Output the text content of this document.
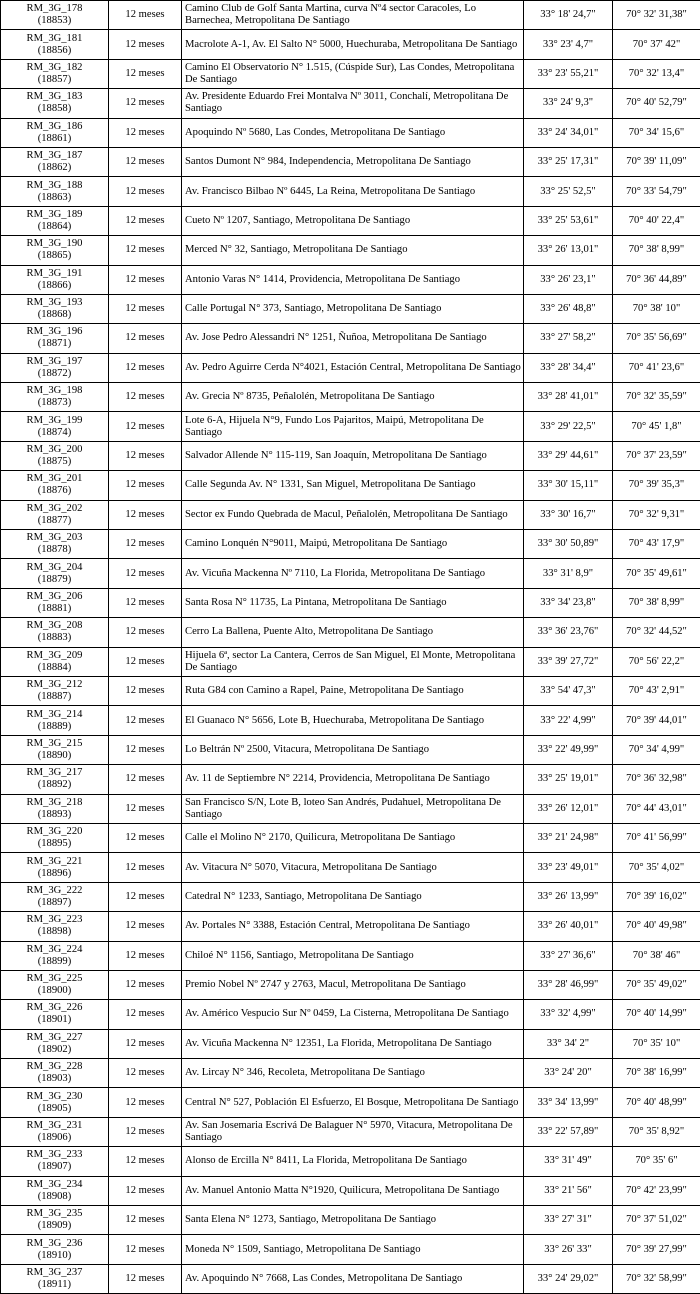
RM_3G_178
(18853)	12 meses	Camino Club de Golf Santa Martina, curva Nº4 sector Caracoles, Lo Barnechea, Metropolitana De Santiago	33° 18' 24,7"	70° 32' 31,38"

RM_3G_181
(18856)	12 meses	Macrolote A-1, Av. El Salto N° 5000, Huechuraba, Metropolitana De Santiago	33° 23' 4,7"	70° 37' 42"

RM_3G_182
(18857)	12 meses	Camino El Observatorio N° 1.515, (Cúspide Sur), Las Condes, Metropolitana De Santiago	33° 23' 55,21"	70° 32' 13,4"

RM_3G_183
(18858)	12 meses	Av. Presidente Eduardo Frei Montalva Nº 3011, Conchalí, Metropolitana De Santiago	33° 24' 9,3"	70° 40' 52,79"

RM_3G_186
(18861)	12 meses	Apoquindo Nº 5680, Las Condes, Metropolitana De Santiago	33° 24' 34,01"	70° 34' 15,6"

RM_3G_187
(18862)	12 meses	Santos Dumont N° 984, Independencia, Metropolitana De Santiago	33° 25' 17,31"	70° 39' 11,09"

RM_3G_188
(18863)	12 meses	Av. Francisco Bilbao Nº 6445, La Reina, Metropolitana De Santiago	33° 25' 52,5"	70° 33' 54,79"

RM_3G_189
(18864)	12 meses	Cueto Nº 1207, Santiago, Metropolitana De Santiago	33° 25' 53,61"	70° 40' 22,4"

RM_3G_190
(18865)	12 meses	Merced N° 32, Santiago, Metropolitana De Santiago	33° 26' 13,01"	70° 38' 8,99"

RM_3G_191
(18866)	12 meses	Antonio Varas N° 1414, Providencia, Metropolitana De Santiago	33° 26' 23,1"	70° 36' 44,89"

RM_3G_193
(18868)	12 meses	Calle Portugal N° 373, Santiago, Metropolitana De Santiago	33° 26' 48,8"	70° 38' 10"

RM_3G_196
(18871)	12 meses	Av. Jose Pedro Alessandri N° 1251, Ñuñoa, Metropolitana De Santiago	33° 27' 58,2"	70° 35' 56,69"

RM_3G_197
(18872)	12 meses	Av. Pedro Aguirre Cerda N°4021, Estación Central, Metropolitana De Santiago	33° 28' 34,4"	70° 41' 23,6"

RM_3G_198
(18873)	12 meses	Av. Grecia Nº 8735, Peñalolén, Metropolitana De Santiago	33° 28' 41,01"	70° 32' 35,59"

RM_3G_199
(18874)	12 meses	Lote 6-A, Hijuela N°9, Fundo Los Pajaritos, Maipú, Metropolitana De Santiago	33° 29' 22,5"	70° 45' 1,8"

RM_3G_200
(18875)	12 meses	Salvador Allende N° 115-119, San Joaquín, Metropolitana De Santiago	33° 29' 44,61"	70° 37' 23,59"

RM_3G_201
(18876)	12 meses	Calle Segunda Av. N° 1331, San Miguel, Metropolitana De Santiago	33° 30' 15,11"	70° 39' 35,3"

RM_3G_202
(18877)	12 meses	Sector ex Fundo Quebrada de Macul, Peñalolén, Metropolitana De Santiago	33° 30' 16,7"	70° 32' 9,31"

RM_3G_203
(18878)	12 meses	Camino Lonquén N°9011, Maipú, Metropolitana De Santiago	33° 30' 50,89"	70° 43' 17,9"

RM_3G_204
(18879)	12 meses	Av. Vicuña Mackenna Nº 7110, La Florida, Metropolitana De Santiago	33° 31' 8,9"	70° 35' 49,61"

RM_3G_206
(18881)	12 meses	Santa Rosa N° 11735, La Pintana, Metropolitana De Santiago	33° 34' 23,8"	70° 38' 8,99"

RM_3G_208
(18883)	12 meses	Cerro La Ballena, Puente Alto, Metropolitana De Santiago	33° 36' 23,76"	70° 32' 44,52"

RM_3G_209
(18884)	12 meses	Hijuela 6ª, sector La Cantera, Cerros de San Miguel, El Monte, Metropolitana De Santiago	33° 39' 27,72"	70° 56' 22,2"

RM_3G_212
(18887)	12 meses	Ruta G84 con Camino a Rapel, Paine, Metropolitana De Santiago	33° 54' 47,3"	70° 43' 2,91"

RM_3G_214
(18889)	12 meses	El Guanaco N° 5656, Lote B, Huechuraba, Metropolitana De Santiago	33° 22' 4,99"	70° 39' 44,01"

RM_3G_215
(18890)	12 meses	Lo Beltrán Nº 2500, Vitacura, Metropolitana De Santiago	33° 22' 49,99"	70° 34' 4,99"

RM_3G_217
(18892)	12 meses	Av. 11 de Septiembre N° 2214, Providencia, Metropolitana De Santiago	33° 25' 19,01"	70° 36' 32,98"

RM_3G_218
(18893)	12 meses	San Francisco S/N, Lote B, loteo San Andrés, Pudahuel, Metropolitana De Santiago	33° 26' 12,01"	70° 44' 43,01"

RM_3G_220
(18895)	12 meses	Calle el Molino N° 2170, Quilicura, Metropolitana De Santiago	33° 21' 24,98"	70° 41' 56,99"

RM_3G_221
(18896)	12 meses	Av. Vitacura N° 5070, Vitacura, Metropolitana De Santiago	33° 23' 49,01"	70° 35' 4,02"

RM_3G_222
(18897)	12 meses	Catedral N° 1233, Santiago, Metropolitana De Santiago	33° 26' 13,99"	70° 39' 16,02"

RM_3G_223
(18898)	12 meses	Av. Portales N° 3388, Estación Central, Metropolitana De Santiago	33° 26' 40,01"	70° 40' 49,98"

RM_3G_224
(18899)	12 meses	Chiloé N° 1156, Santiago, Metropolitana De Santiago	33° 27' 36,6"	70° 38' 46"

RM_3G_225
(18900)	12 meses	Premio Nobel Nº 2747 y 2763, Macul, Metropolitana De Santiago	33° 28' 46,99"	70° 35' 49,02"

RM_3G_226
(18901)	12 meses	Av. Américo Vespucio Sur Nº 0459, La Cisterna, Metropolitana De Santiago	33° 32' 4,99"	70° 40' 14,99"

RM_3G_227
(18902)	12 meses	Av. Vicuña Mackenna N° 12351, La Florida, Metropolitana De Santiago	33° 34' 2"	70° 35' 10"

RM_3G_228
(18903)	12 meses	Av. Lircay N° 346, Recoleta, Metropolitana De Santiago	33° 24' 20"	70° 38' 16,99"

RM_3G_230
(18905)	12 meses	Central N° 527, Población El Esfuerzo, El Bosque, Metropolitana De Santiago	33° 34' 13,99"	70° 40' 48,99"

RM_3G_231
(18906)	12 meses	Av. San Josemaria Escrivá De Balaguer N° 5970, Vitacura, Metropolitana De Santiago	33° 22' 57,89"	70° 35' 8,92"

RM_3G_233
(18907)	12 meses	Alonso de Ercilla N° 8411, La Florida, Metropolitana De Santiago	33° 31' 49"	70° 35' 6"

RM_3G_234
(18908)	12 meses	Av. Manuel Antonio Matta N°1920, Quilicura, Metropolitana De Santiago	33° 21' 56"	70° 42' 23,99"

RM_3G_235
(18909)	12 meses	Santa Elena N° 1273, Santiago, Metropolitana De Santiago	33° 27' 31"	70° 37' 51,02"

RM_3G_236
(18910)	12 meses	Moneda N° 1509, Santiago, Metropolitana De Santiago	33° 26' 33"	70° 39' 27,99"

RM_3G_237
(18911)	12 meses	Av. Apoquindo N° 7668, Las Condes, Metropolitana De Santiago	33° 24' 29,02"	70° 32' 58,99"
